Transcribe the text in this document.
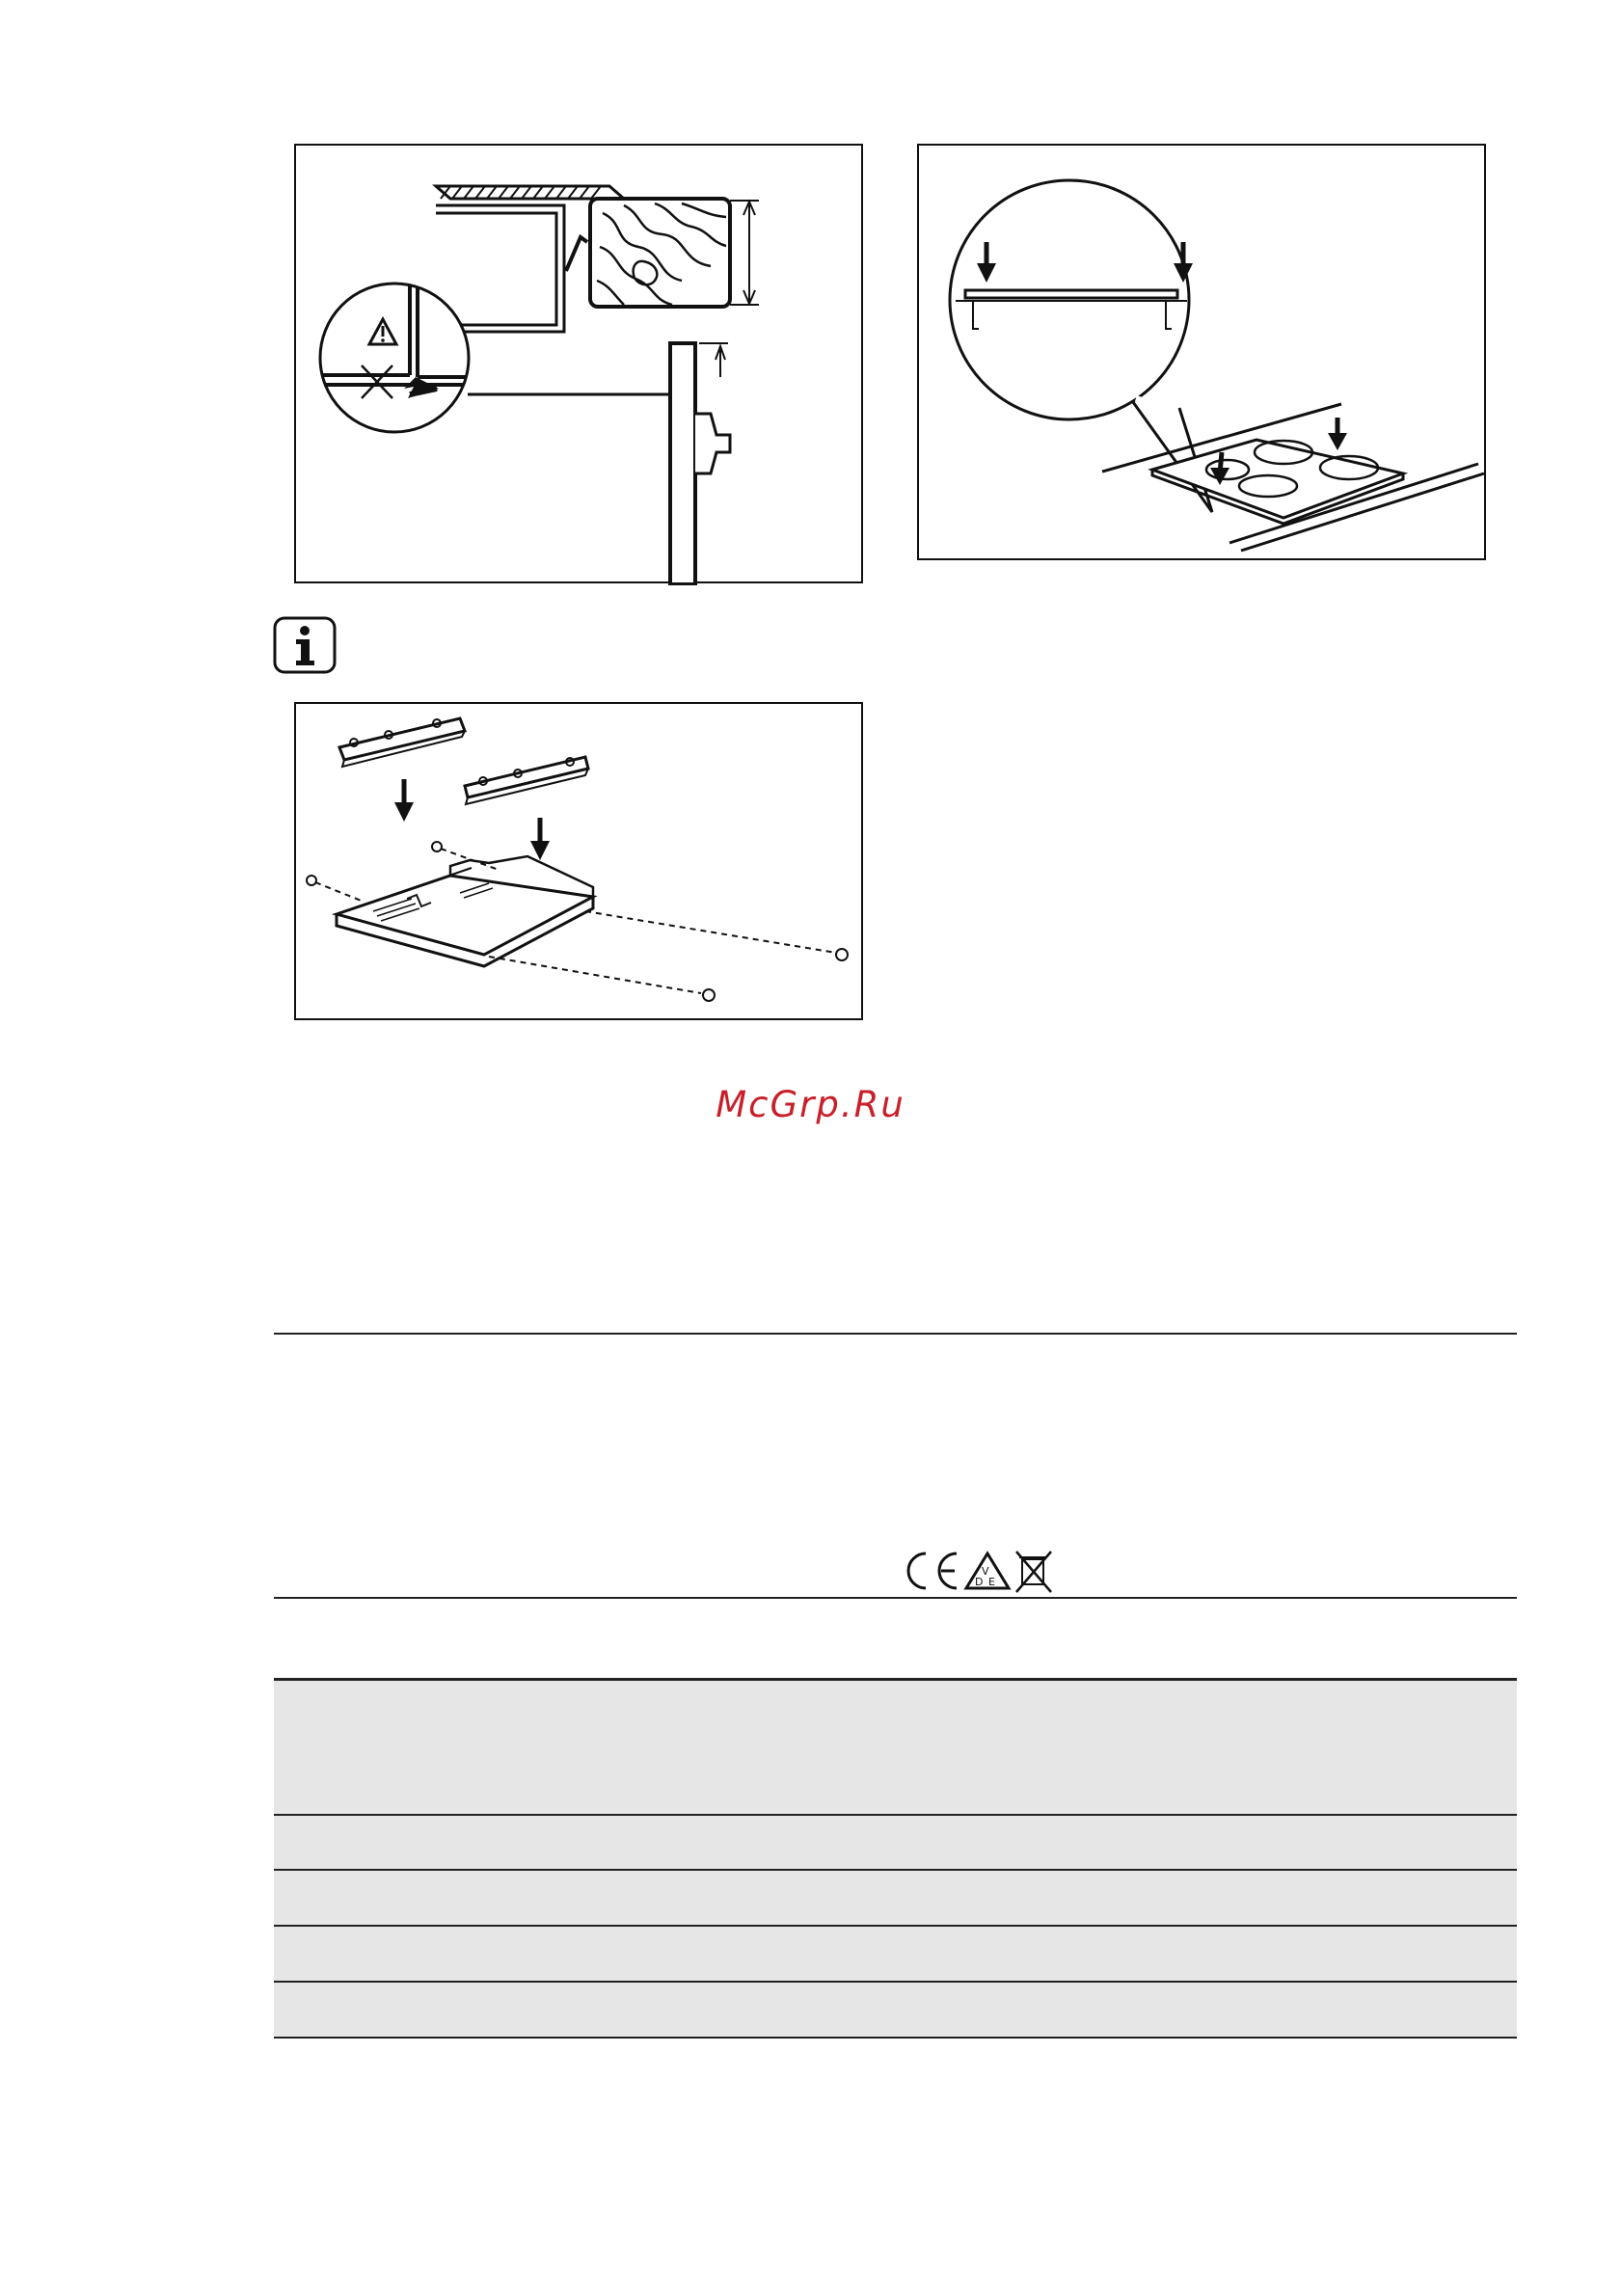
McGrp.Ru
V
D E
